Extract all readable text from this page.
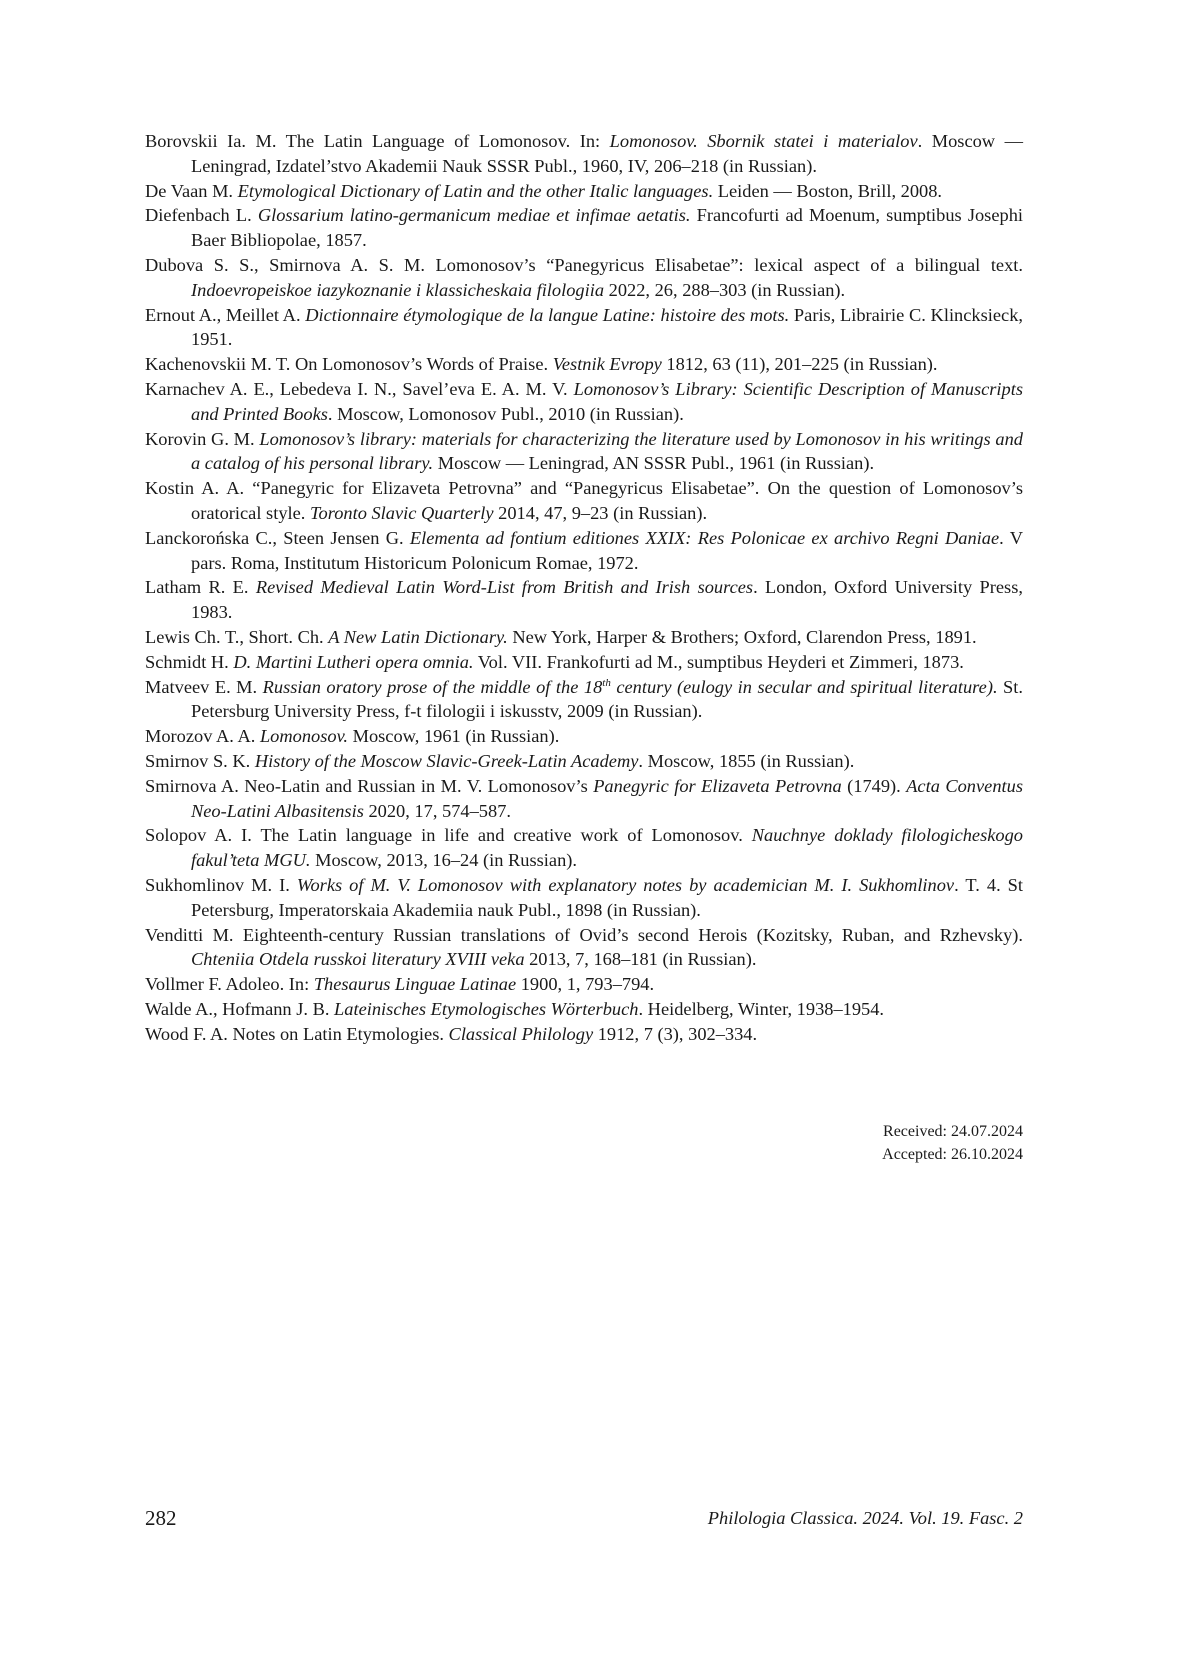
Borovskii Ia. M. The Latin Language of Lomonosov. In: Lomonosov. Sbornik statei i materialov. Moscow — Leningrad, Izdatel’stvo Akademii Nauk SSSR Publ., 1960, IV, 206–218 (in Russian).

De Vaan M. Etymological Dictionary of Latin and the other Italic languages. Leiden — Boston, Brill, 2008.

Diefenbach L. Glossarium latino-germanicum mediae et infimae aetatis. Francofurti ad Moenum, sumptibus Josephi Baer Bibliopolae, 1857.

Dubova S. S., Smirnova A. S. M. Lomonosov’s “Panegyricus Elisabetae”: lexical aspect of a bilingual text. Indoevropeiskoe iazykoznanie i klassicheskaia filologiia 2022, 26, 288–303 (in Russian).

Ernout A., Meillet A. Dictionnaire étymologique de la langue Latine: histoire des mots. Paris, Librairie C. Klincksieck, 1951.

Kachenovskii M. T. On Lomonosov’s Words of Praise. Vestnik Evropy 1812, 63 (11), 201–225 (in Russian).

Karnachev A. E., Lebedeva I. N., Savel’eva E. A. M. V. Lomonosov’s Library: Scientific Description of Manuscripts and Printed Books. Moscow, Lomonosov Publ., 2010 (in Russian).

Korovin G. M. Lomonosov’s library: materials for characterizing the literature used by Lomonosov in his writings and a catalog of his personal library. Moscow — Leningrad, AN SSSR Publ., 1961 (in Russian).

Kostin A. A. “Panegyric for Elizaveta Petrovna” and “Panegyricus Elisabetae”. On the question of Lomonosov’s oratorical style. Toronto Slavic Quarterly 2014, 47, 9–23 (in Russian).

Lanckorońska C., Steen Jensen G. Elementa ad fontium editiones XXIX: Res Polonicae ex archivo Regni Daniae. V pars. Roma, Institutum Historicum Polonicum Romae, 1972.

Latham R. E. Revised Medieval Latin Word-List from British and Irish sources. London, Oxford University Press, 1983.

Lewis Ch. T., Short. Ch. A New Latin Dictionary. New York, Harper & Brothers; Oxford, Clarendon Press, 1891.

Schmidt H. D. Martini Lutheri opera omnia. Vol. VII. Frankofurti ad M., sumptibus Heyderi et Zimmeri, 1873.

Matveev E. M. Russian oratory prose of the middle of the 18th century (eulogy in secular and spiritual literature). St. Petersburg University Press, f-t filologii i iskusstv, 2009 (in Russian).

Morozov A. A. Lomonosov. Moscow, 1961 (in Russian).

Smirnov S. K. History of the Moscow Slavic-Greek-Latin Academy. Moscow, 1855 (in Russian).

Smirnova A. Neo-Latin and Russian in M. V. Lomonosov’s Panegyric for Elizaveta Petrovna (1749). Acta Conventus Neo-Latini Albasitensis 2020, 17, 574–587.

Solopov A. I. The Latin language in life and creative work of Lomonosov. Nauchnye doklady filologicheskogo fakul’teta MGU. Moscow, 2013, 16–24 (in Russian).

Sukhomlinov M. I. Works of M. V. Lomonosov with explanatory notes by academician M. I. Sukhomlinov. T. 4. St Petersburg, Imperatorskaia Akademiia nauk Publ., 1898 (in Russian).

Venditti M. Eighteenth-century Russian translations of Ovid’s second Herois (Kozitsky, Ruban, and Rzhevsky). Chteniia Otdela russkoi literatury XVIII veka 2013, 7, 168–181 (in Russian).

Vollmer F. Adoleo. In: Thesaurus Linguae Latinae 1900, 1, 793–794.

Walde A., Hofmann J. B. Lateinisches Etymologisches Wörterbuch. Heidelberg, Winter, 1938–1954.

Wood F. A. Notes on Latin Etymologies. Classical Philology 1912, 7 (3), 302–334.

Received: 24.07.2024
Accepted: 26.10.2024
282	Philologia Classica. 2024. Vol. 19. Fasc. 2
